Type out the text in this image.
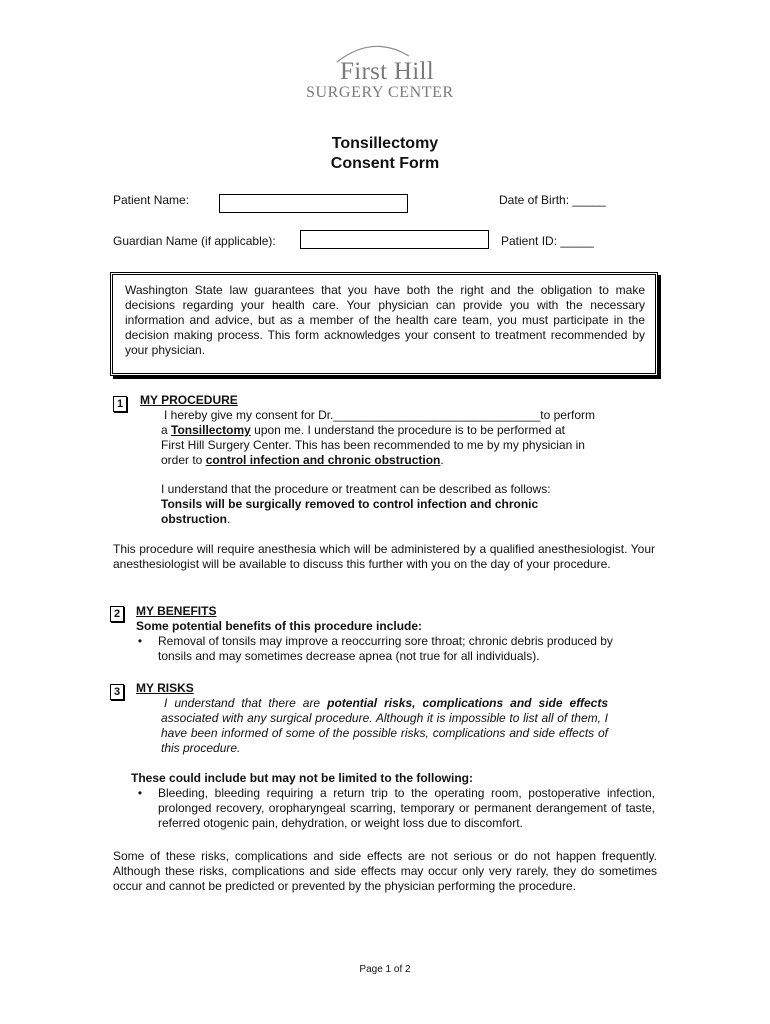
First Hill
SURGERY CENTER
Tonsillectomy
Consent Form
Patient Name:	Date of Birth: _____
Guardian Name (if applicable):	Patient ID: _____

Washington State law guarantees that you have both the right and the obligation to make decisions regarding your health care. Your physician can provide you with the necessary information and advice, but as a member of the health care team, you must participate in the decision making process. This form acknowledges your consent to treatment recommended by your physician.

1	MY PROCEDURE
I hereby give my consent for Dr._______________________________to perform
a Tonsillectomy upon me. I understand the procedure is to be performed at
First Hill Surgery Center. This has been recommended to me by my physician in
order to control infection and chronic obstruction.
I understand that the procedure or treatment can be described as follows:
Tonsils will be surgically removed to control infection and chronic
obstruction.
This procedure will require anesthesia which will be administered by a qualified anesthesiologist. Your anesthesiologist will be available to discuss this further with you on the day of your procedure.
2	MY BENEFITS
Some potential benefits of this procedure include:
• Removal of tonsils may improve a reoccurring sore throat; chronic debris produced by
tonsils and may sometimes decrease apnea (not true for all individuals).
3	MY RISKS
I understand that there are potential risks, complications and side effects associated with any surgical procedure. Although it is impossible to list all of them, I have been informed of some of the possible risks, complications and side effects of this procedure.
These could include but may not be limited to the following:
• Bleeding, bleeding requiring a return trip to the operating room, postoperative infection, prolonged recovery, oropharyngeal scarring, temporary or permanent derangement of taste, referred otogenic pain, dehydration, or weight loss due to discomfort.
Some of these risks, complications and side effects are not serious or do not happen frequently. Although these risks, complications and side effects may occur only very rarely, they do sometimes occur and cannot be predicted or prevented by the physician performing the procedure.
Page 1 of 2
